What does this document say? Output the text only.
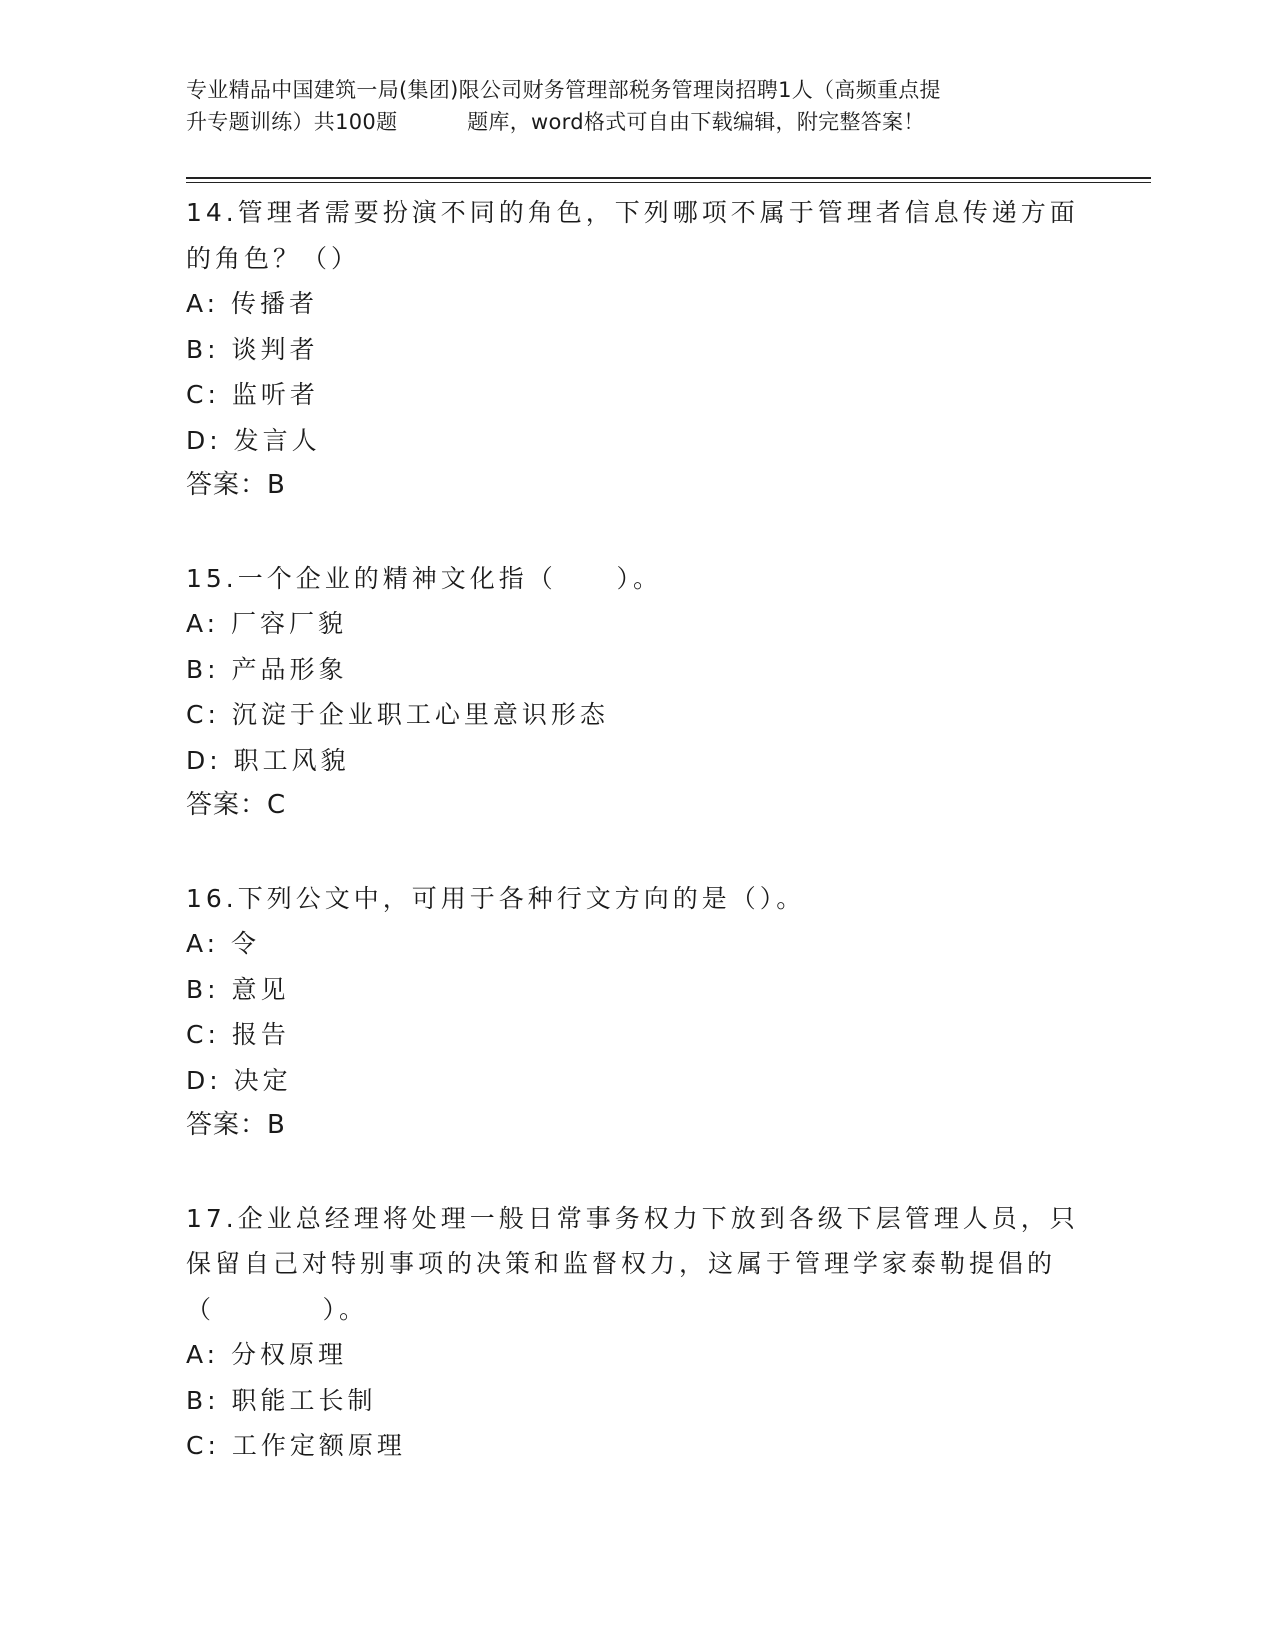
专业精品中国建筑一局(集团)限公司财务管理部税务管理岗招聘1人（高频重点提
升专题训练）共100题          题库，word格式可自由下载编辑，附完整答案！
14.管理者需要扮演不同的角色，下列哪项不属于管理者信息传递方面
的角色？（）
A: 传播者
B: 谈判者
C: 监听者
D: 发言人
答案：B
15.一个企业的精神文化指（     ）。
A: 厂容厂貌
B: 产品形象
C: 沉淀于企业职工心里意识形态
D: 职工风貌
答案：C
16.下列公文中，可用于各种行文方向的是（）。
A: 令
B: 意见
C: 报告
D: 决定
答案：B
17.企业总经理将处理一般日常事务权力下放到各级下层管理人员，只
保留自己对特别事项的决策和监督权力，这属于管理学家泰勒提倡的
（         ）。
A: 分权原理
B: 职能工长制
C: 工作定额原理
